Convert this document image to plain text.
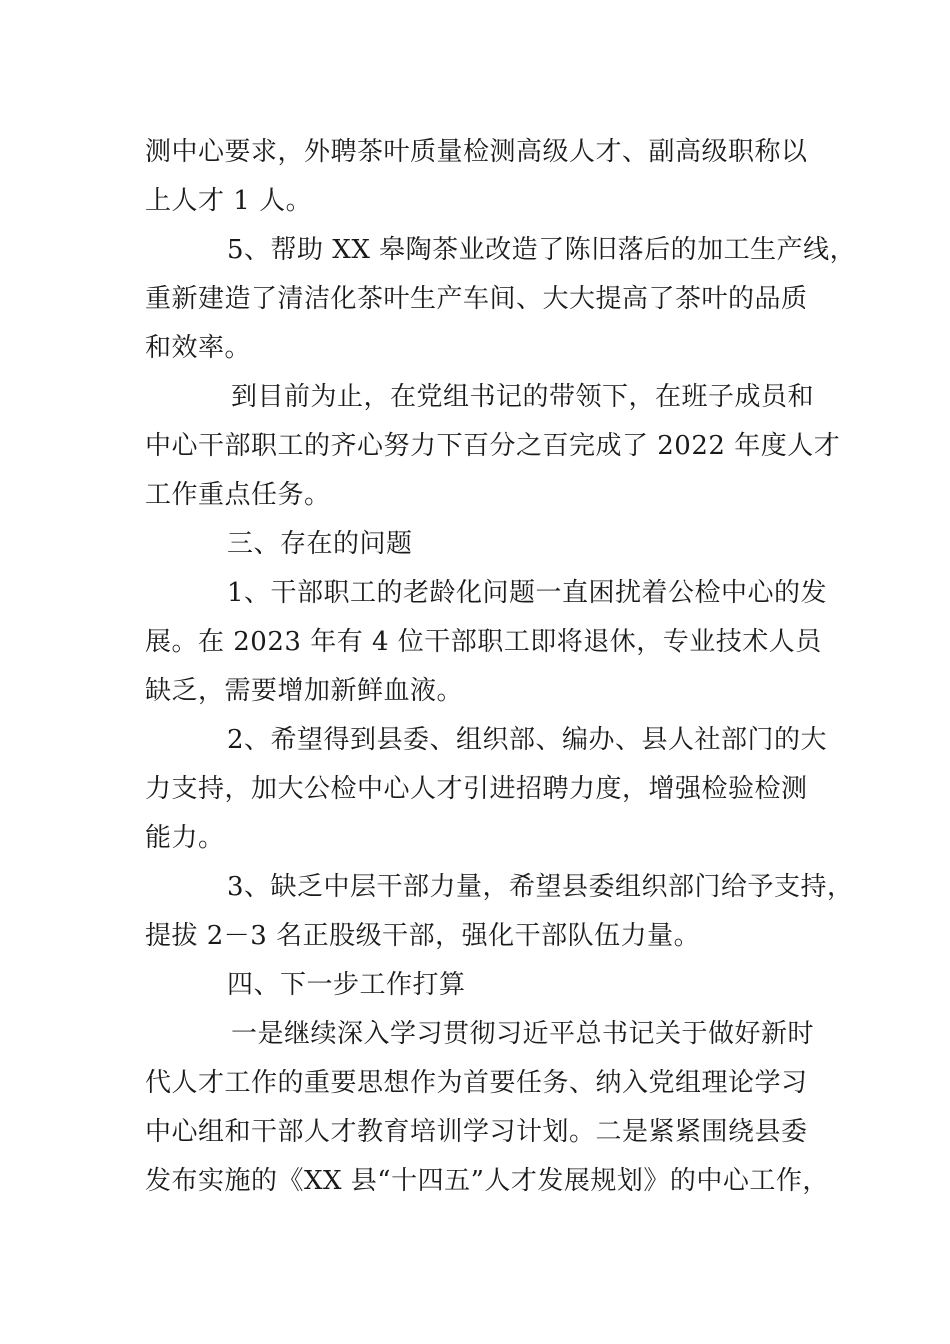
测中心要求，外聘茶叶质量检测高级人才、副高级职称以
上人才 1 人。
5、帮助 XX 皋陶茶业改造了陈旧落后的加工生产线，
重新建造了清洁化茶叶生产车间、大大提高了茶叶的品质
和效率。
到目前为止，在党组书记的带领下，在班子成员和
中心干部职工的齐心努力下百分之百完成了 2022 年度人才
工作重点任务。
三、存在的问题
1、干部职工的老龄化问题一直困扰着公检中心的发
展。在 2023 年有 4 位干部职工即将退休，专业技术人员
缺乏，需要增加新鲜血液。
2、希望得到县委、组织部、编办、县人社部门的大
力支持，加大公检中心人才引进招聘力度，增强检验检测
能力。
3、缺乏中层干部力量，希望县委组织部门给予支持，
提拔 2－3 名正股级干部，强化干部队伍力量。
四、下一步工作打算
一是继续深入学习贯彻习近平总书记关于做好新时
代人才工作的重要思想作为首要任务、纳入党组理论学习
中心组和干部人才教育培训学习计划。二是紧紧围绕县委
发布实施的《XX 县“十四五”人才发展规划》的中心工作，
